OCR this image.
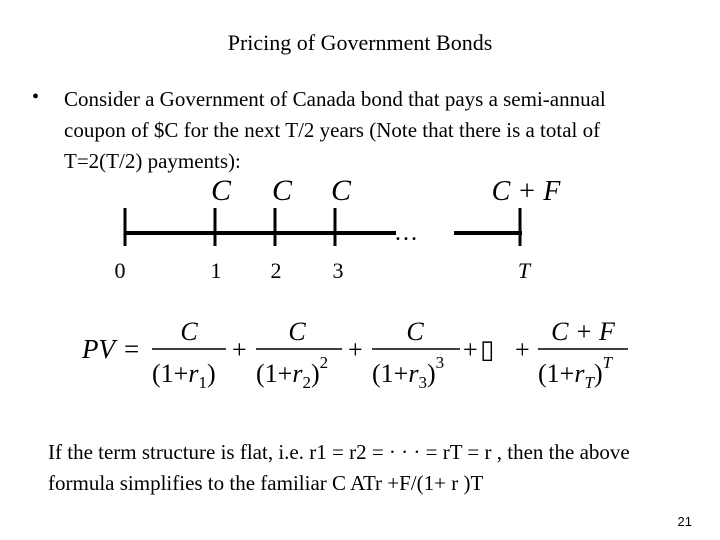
Pricing of Government Bonds
• Consider a Government of Canada bond that pays a semi-annual coupon of $C for the next T/2 years (Note that there is a total of T=2(T/2) payments):
C C C	C + F
…
0	1 2 3	T
PV =
C
$(1+r_1)$
+
C
$(1+r_2)^2$ +
C
$(1+r_3)^3$ + ▯ +
C + F
$(1+r_T)^T$
If the term structure is flat, i.e. r1 = r2 = · · · = rT = r , then the above formula simplifies to the familiar C ATr +F/(1+ r )T
21
